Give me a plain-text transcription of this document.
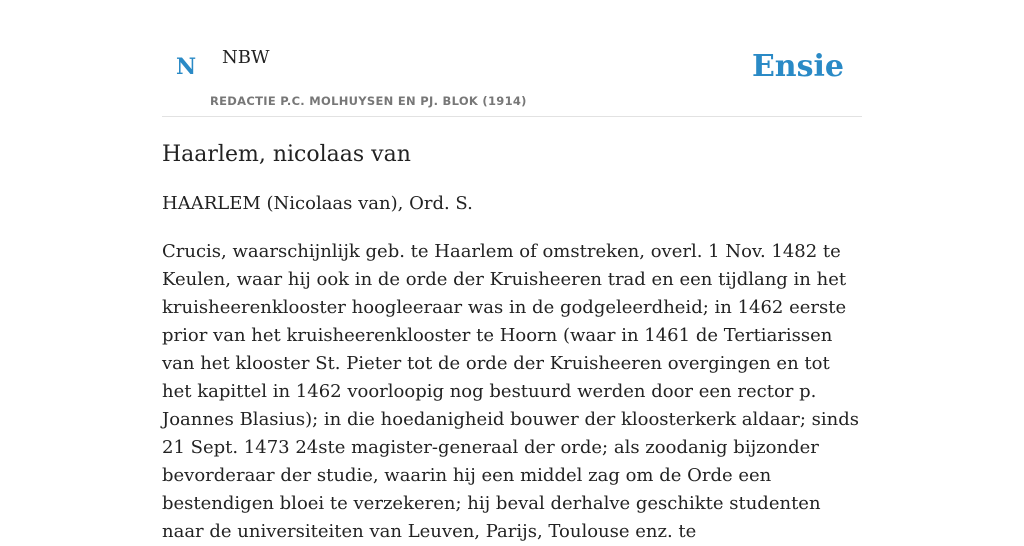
N NBW
REDACTIE P.C. MOLHUYSEN EN PJ. BLOK (1914)
Ensie
Haarlem, nicolaas van

HAARLEM (Nicolaas van), Ord. S.

Crucis, waarschijnlijk geb. te Haarlem of omstreken, overl. 1 Nov. 1482 te Keulen, waar hij ook in de orde der Kruisheeren trad en een tijdlang in het kruisheerenklooster hoogleeraar was in de godgeleerdheid; in 1462 eerste prior van het kruisheerenklooster te Hoorn (waar in 1461 de Tertiarissen van het klooster St. Pieter tot de orde der Kruisheeren overgingen en tot het kapittel in 1462 voorloopig nog bestuurd werden door een rector p. Joannes Blasius); in die hoedanigheid bouwer der kloosterkerk aldaar; sinds 21 Sept. 1473 24ste magister-generaal der orde; als zoodanig bijzonder bevorderaar der studie, waarin hij een middel zag om de Orde een bestendigen bloei te verzekeren; hij beval derhalve geschikte studenten naar de universiteiten van Leuven, Parijs, Toulouse enz. te
